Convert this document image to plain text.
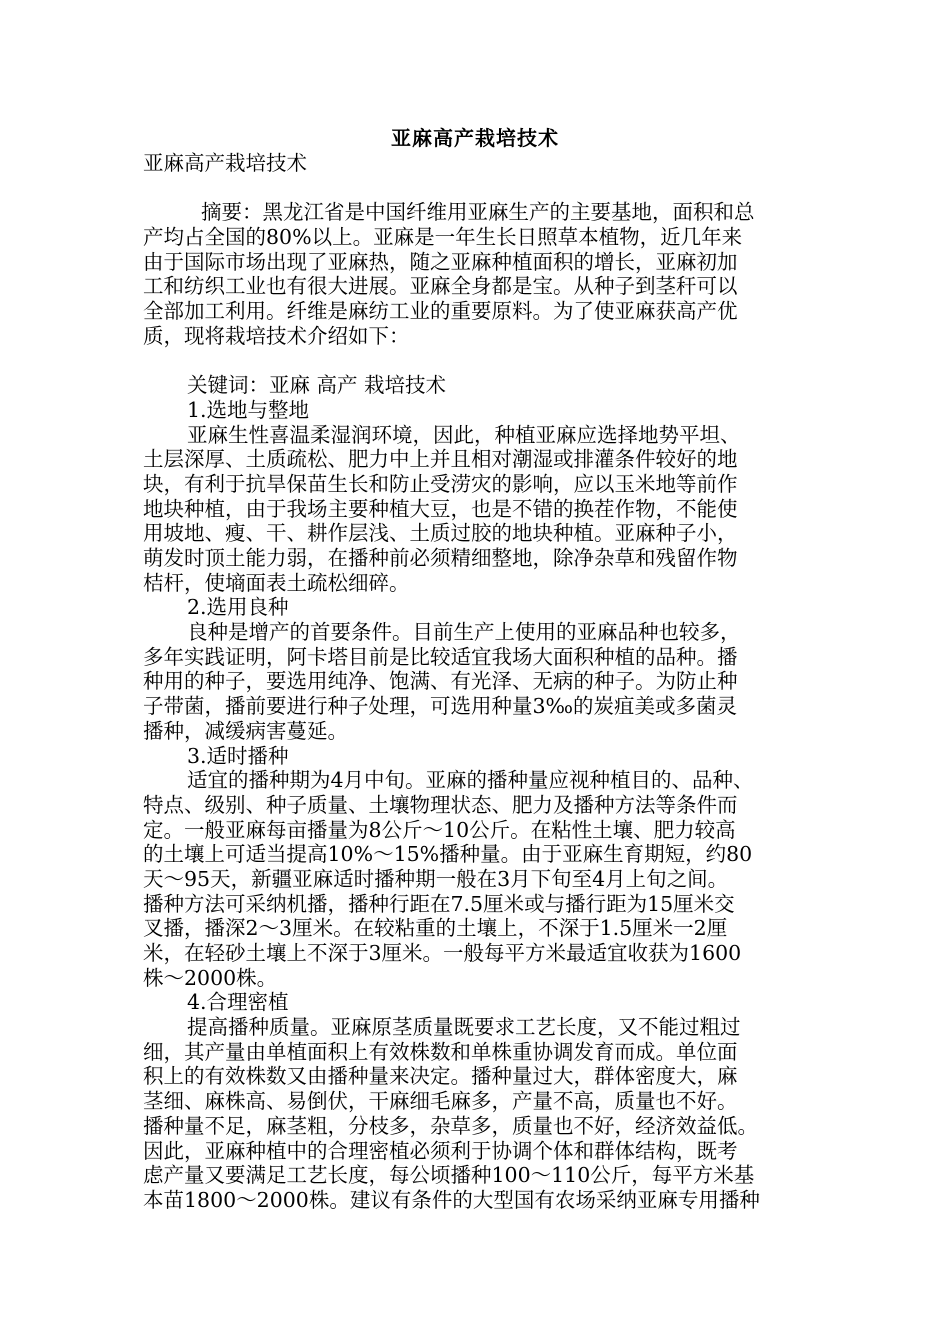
亚麻高产栽培技术
亚麻高产栽培技术
摘要：黑龙江省是中国纤维用亚麻生产的主要基地，面积和总
产均占全国的80%以上。亚麻是一年生长日照草本植物，近几年来
由于国际市场出现了亚麻热，随之亚麻种植面积的增长，亚麻初加
工和纺织工业也有很大进展。亚麻全身都是宝。从种子到茎秆可以
全部加工利用。纤维是麻纺工业的重要原料。为了使亚麻获高产优
质，现将栽培技术介绍如下：
关键词：亚麻 高产 栽培技术
1.选地与整地
亚麻生性喜温柔湿润环境，因此，种植亚麻应选择地势平坦、
土层深厚、土质疏松、肥力中上并且相对潮湿或排灌条件较好的地
块，有利于抗旱保苗生长和防止受涝灾的影响，应以玉米地等前作
地块种植，由于我场主要种植大豆，也是不错的换茬作物，不能使
用坡地、瘦、干、耕作层浅、土质过胶的地块种植。亚麻种子小，
萌发时顶土能力弱，在播种前必须精细整地，除净杂草和残留作物
桔杆，使墒面表土疏松细碎。
2.选用良种
良种是增产的首要条件。目前生产上使用的亚麻品种也较多，
多年实践证明，阿卡塔目前是比较适宜我场大面积种植的品种。播
种用的种子，要选用纯净、饱满、有光泽、无病的种子。为防止种
子带菌，播前要进行种子处理，可选用种量3‰的炭疽美或多菌灵
播种，减缓病害蔓延。
3.适时播种
适宜的播种期为4月中旬。亚麻的播种量应视种植目的、品种、
特点、级别、种子质量、土壤物理状态、肥力及播种方法等条件而
定。一般亚麻每亩播量为8公斤～10公斤。在粘性土壤、肥力较高
的土壤上可适当提高10%～15%播种量。由于亚麻生育期短，约80
天～95天，新疆亚麻适时播种期一般在3月下旬至4月上旬之间。
播种方法可采纳机播，播种行距在7.5厘米或与播行距为15厘米交
叉播，播深2～3厘米。在较粘重的土壤上，不深于1.5厘米一2厘
米，在轻砂土壤上不深于3厘米。一般每平方米最适宜收获为1600
株～2000株。
4.合理密植
提高播种质量。亚麻原茎质量既要求工艺长度，又不能过粗过
细，其产量由单植面积上有效株数和单株重协调发育而成。单位面
积上的有效株数又由播种量来决定。播种量过大，群体密度大，麻
茎细、麻株高、易倒伏，干麻细毛麻多，产量不高，质量也不好。
播种量不足，麻茎粗，分枝多，杂草多，质量也不好，经济效益低。
因此，亚麻种植中的合理密植必须利于协调个体和群体结构，既考
虑产量又要满足工艺长度，每公顷播种100～110公斤，每平方米基
本苗1800～2000株。建议有条件的大型国有农场采纳亚麻专用播种
